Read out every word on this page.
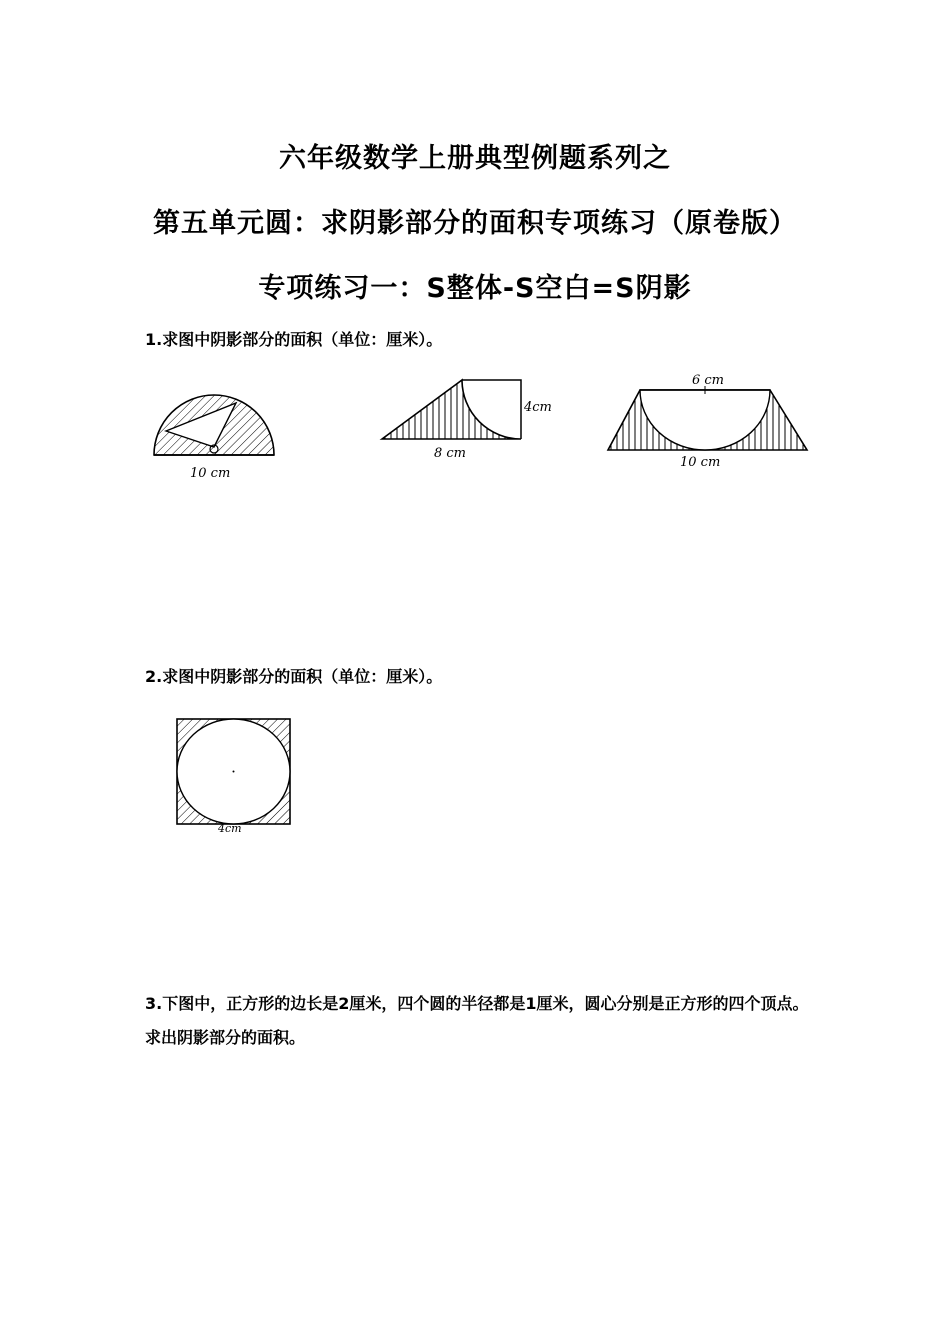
六年级数学上册典型例题系列之
第五单元圆：求阴影部分的面积专项练习（原卷版）
专项练习一：S整体-S空白=S阴影
1.求图中阴影部分的面积（单位：厘米）。
10 cm
4cm
8 cm
6 cm
10 cm
2.求图中阴影部分的面积（单位：厘米）。
4cm
3.下图中，正方形的边长是2厘米，四个圆的半径都是1厘米，圆心分别是正方形的四个顶点。求出阴影部分的面积。
